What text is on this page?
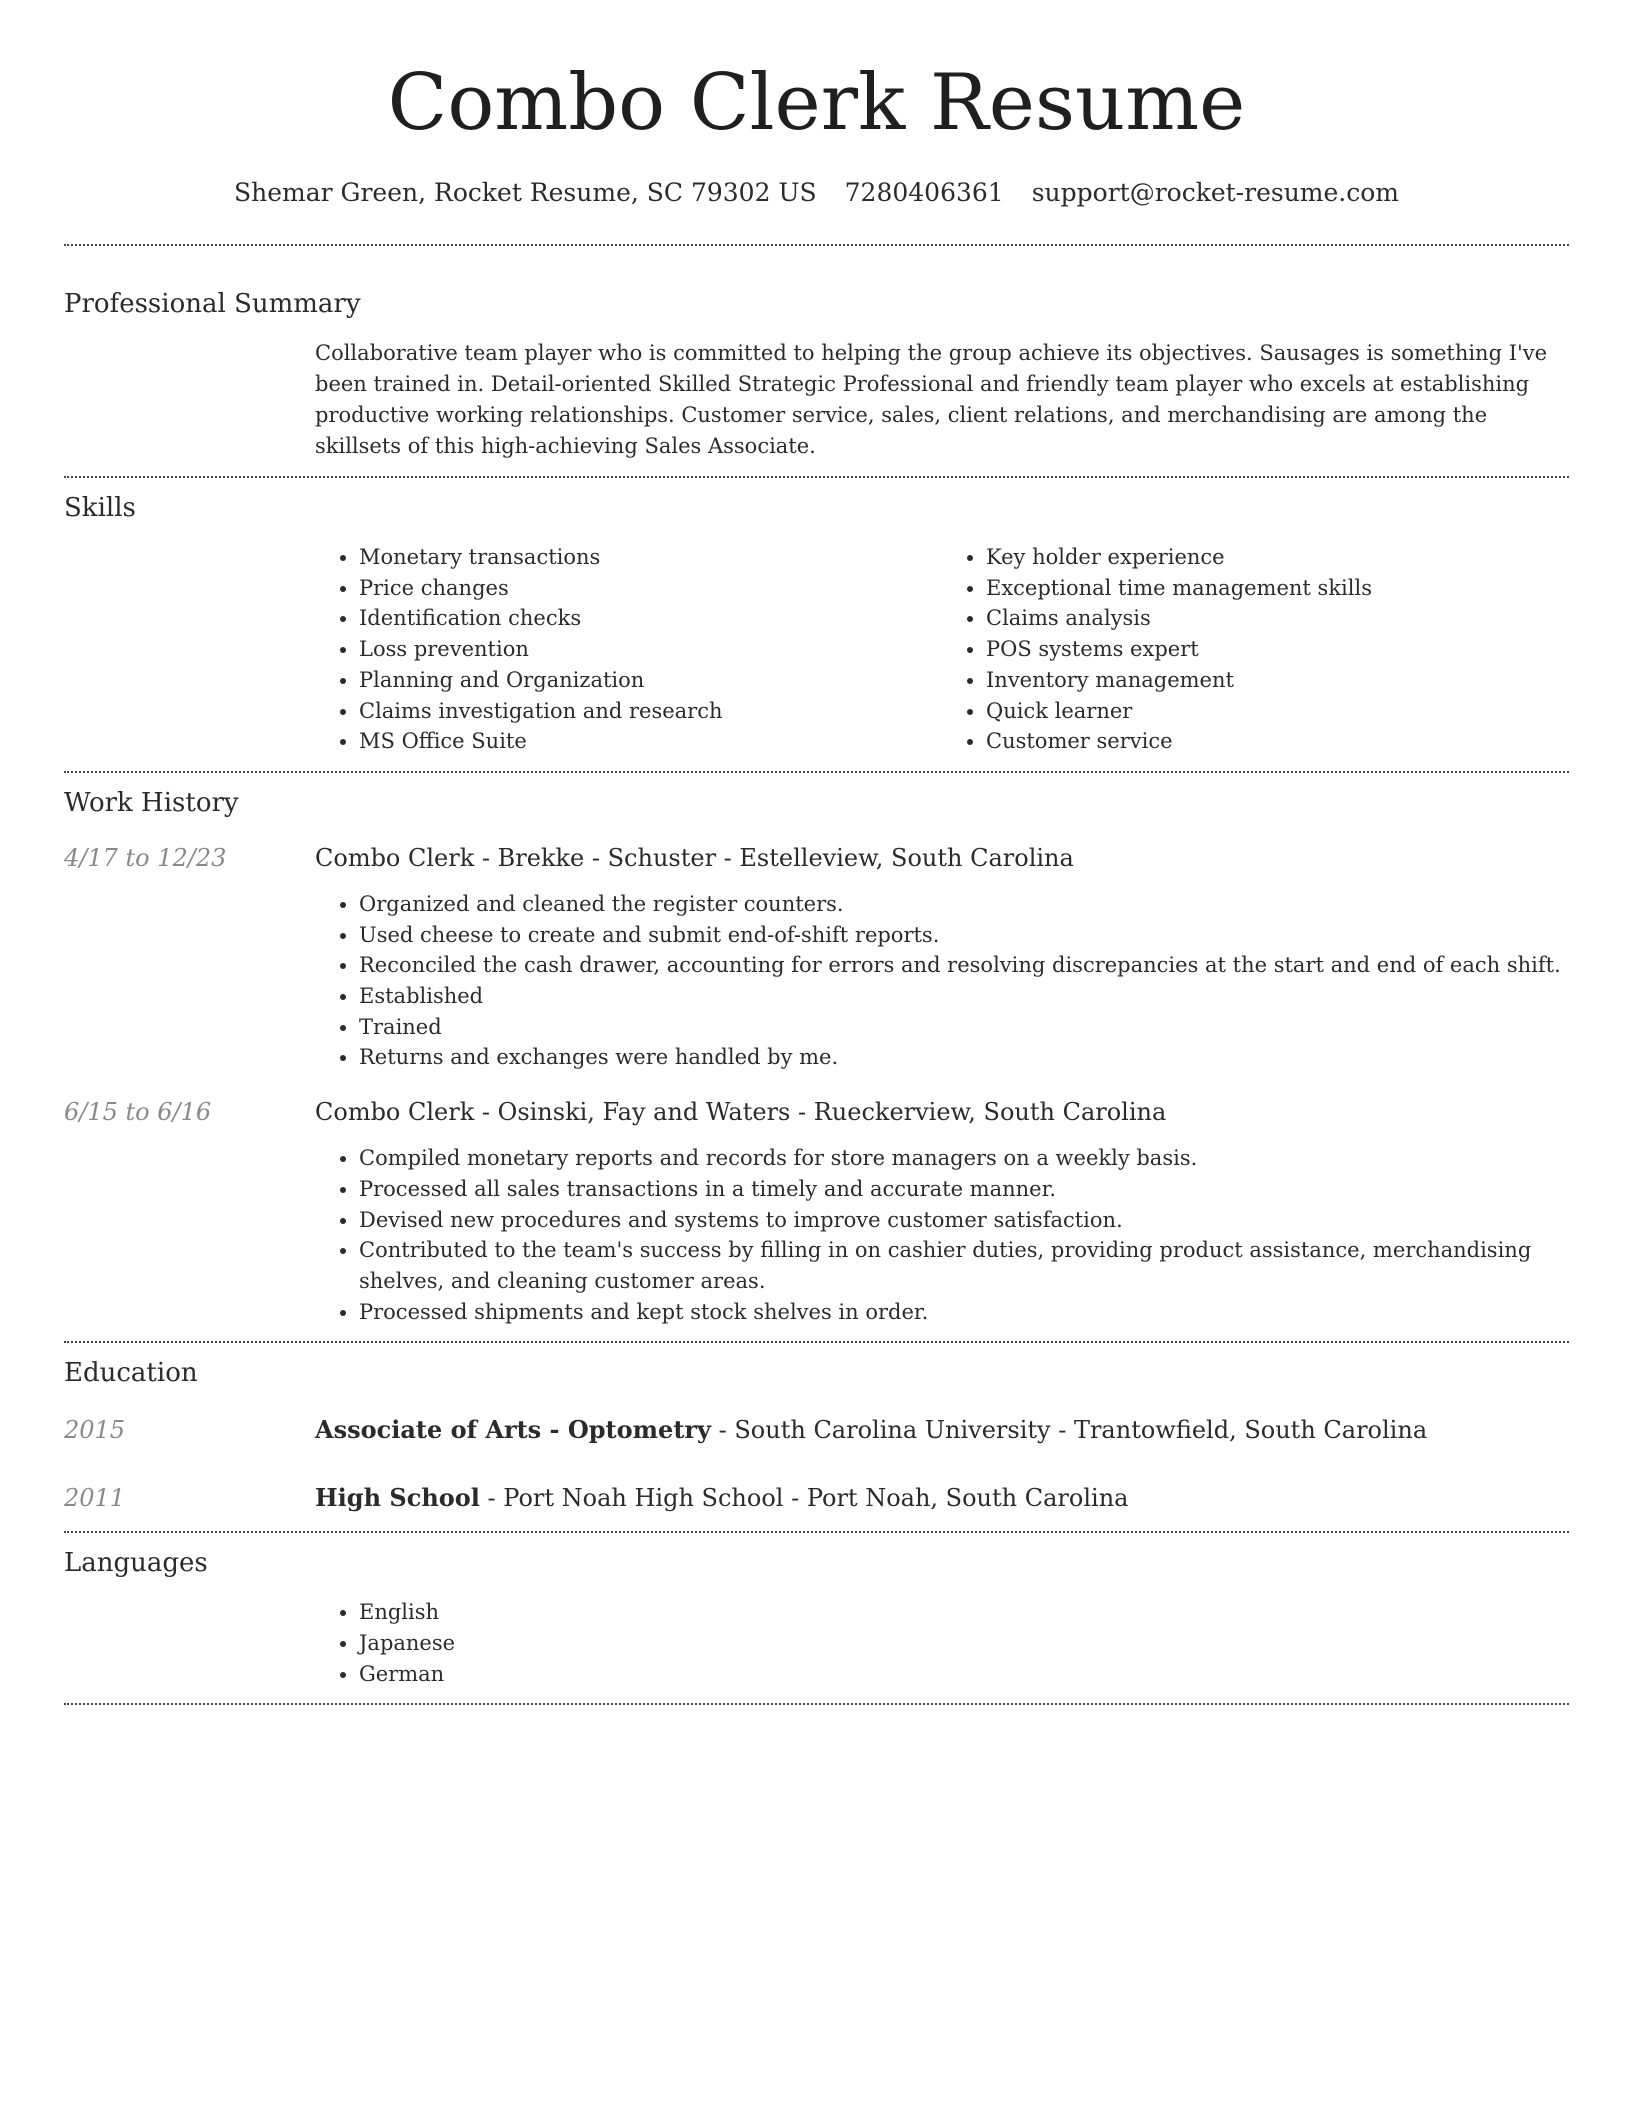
Combo Clerk Resume
Shemar Green, Rocket Resume, SC 79302 US 7280406361 support@rocket-resume.com
Professional Summary

Collaborative team player who is committed to helping the group achieve its objectives. Sausages is something I've been trained in. Detail-oriented Skilled Strategic Professional and friendly team player who excels at establishing productive working relationships. Customer service, sales, client relations, and merchandising are among the skillsets of this high-achieving Sales Associate.

Skills
• Monetary transactions
• Price changes
• Identification checks
• Loss prevention
• Planning and Organization
• Claims investigation and research
• MS Office Suite
• Key holder experience
• Exceptional time management skills
• Claims analysis
• POS systems expert
• Inventory management
• Quick learner
• Customer service
Work History
4/17 to 12/23	Combo Clerk - Brekke - Schuster - Estelleview, South Carolina
• Organized and cleaned the register counters.
• Used cheese to create and submit end-of-shift reports.
• Reconciled the cash drawer, accounting for errors and resolving discrepancies at the start and end of each shift.
• Established
• Trained
• Returns and exchanges were handled by me.
6/15 to 6/16	Combo Clerk - Osinski, Fay and Waters - Rueckerview, South Carolina
• Compiled monetary reports and records for store managers on a weekly basis.
• Processed all sales transactions in a timely and accurate manner.
• Devised new procedures and systems to improve customer satisfaction.
• Contributed to the team's success by filling in on cashier duties, providing product assistance, merchandising shelves, and cleaning customer areas.
• Processed shipments and kept stock shelves in order.
Education
2015	Associate of Arts - Optometry - South Carolina University - Trantowfield, South Carolina
2011	High School - Port Noah High School - Port Noah, South Carolina
Languages
• English
• Japanese
• German
